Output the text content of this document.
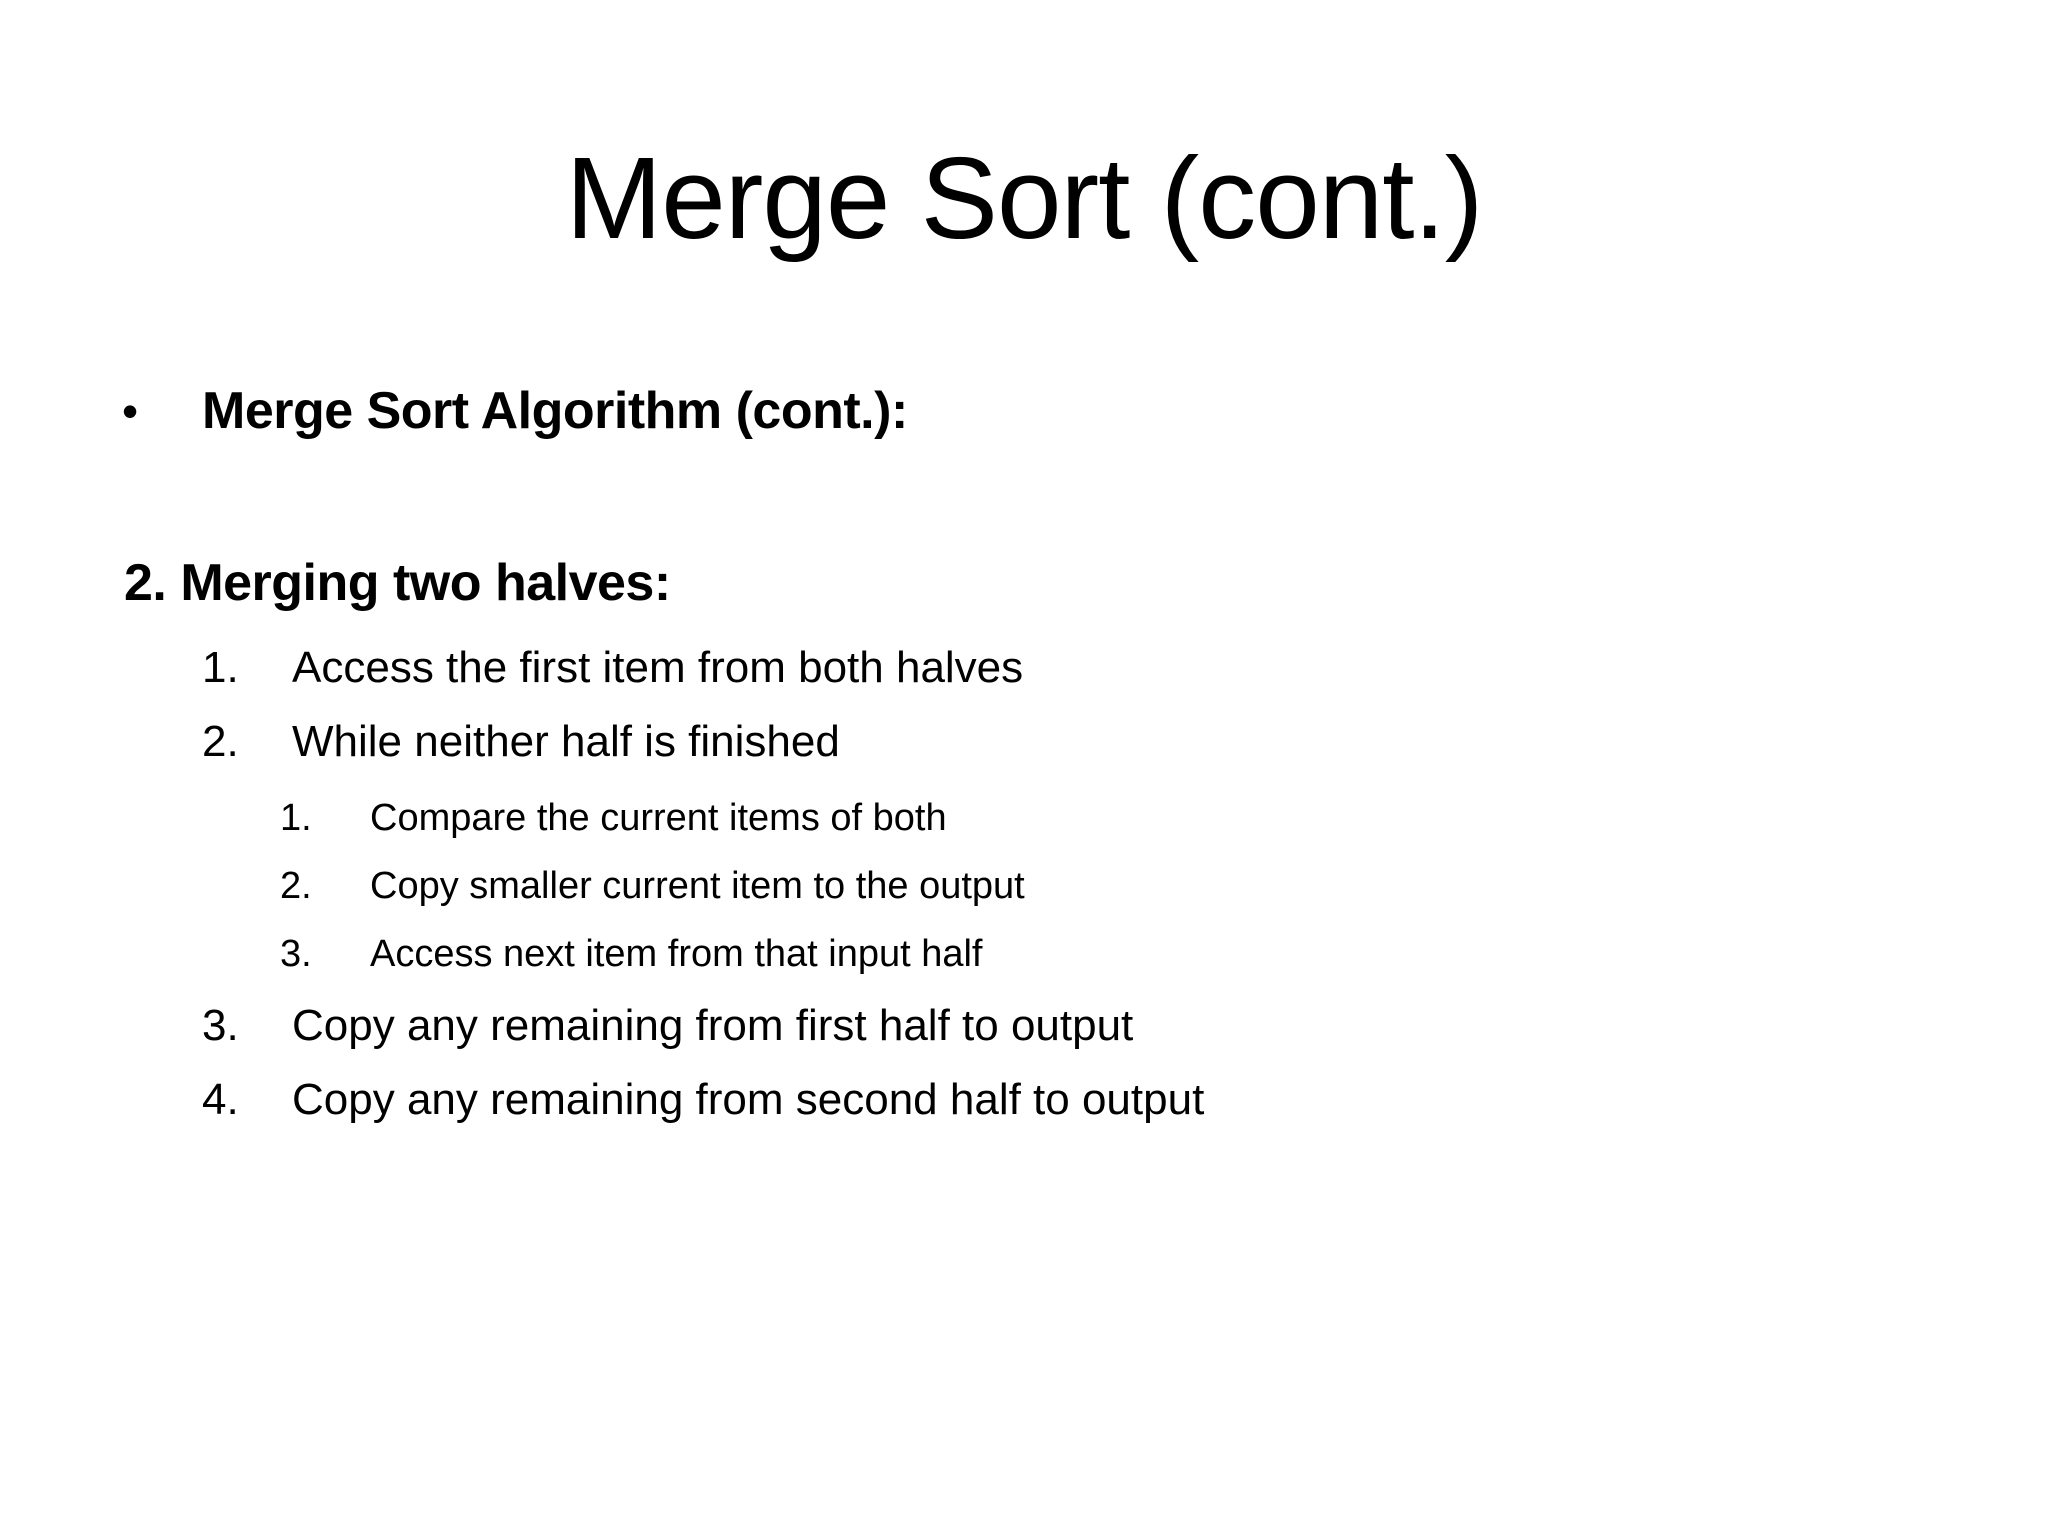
Merge Sort (cont.)
•	Merge Sort Algorithm (cont.):
2. Merging two halves:
1.	Access the first item from both halves
2.	While neither half is finished
1.	Compare the current items of both
2.	Copy smaller current item to the output
3.	Access next item from that input half
3.	Copy any remaining from first half to output
4.	Copy any remaining from second half to output
